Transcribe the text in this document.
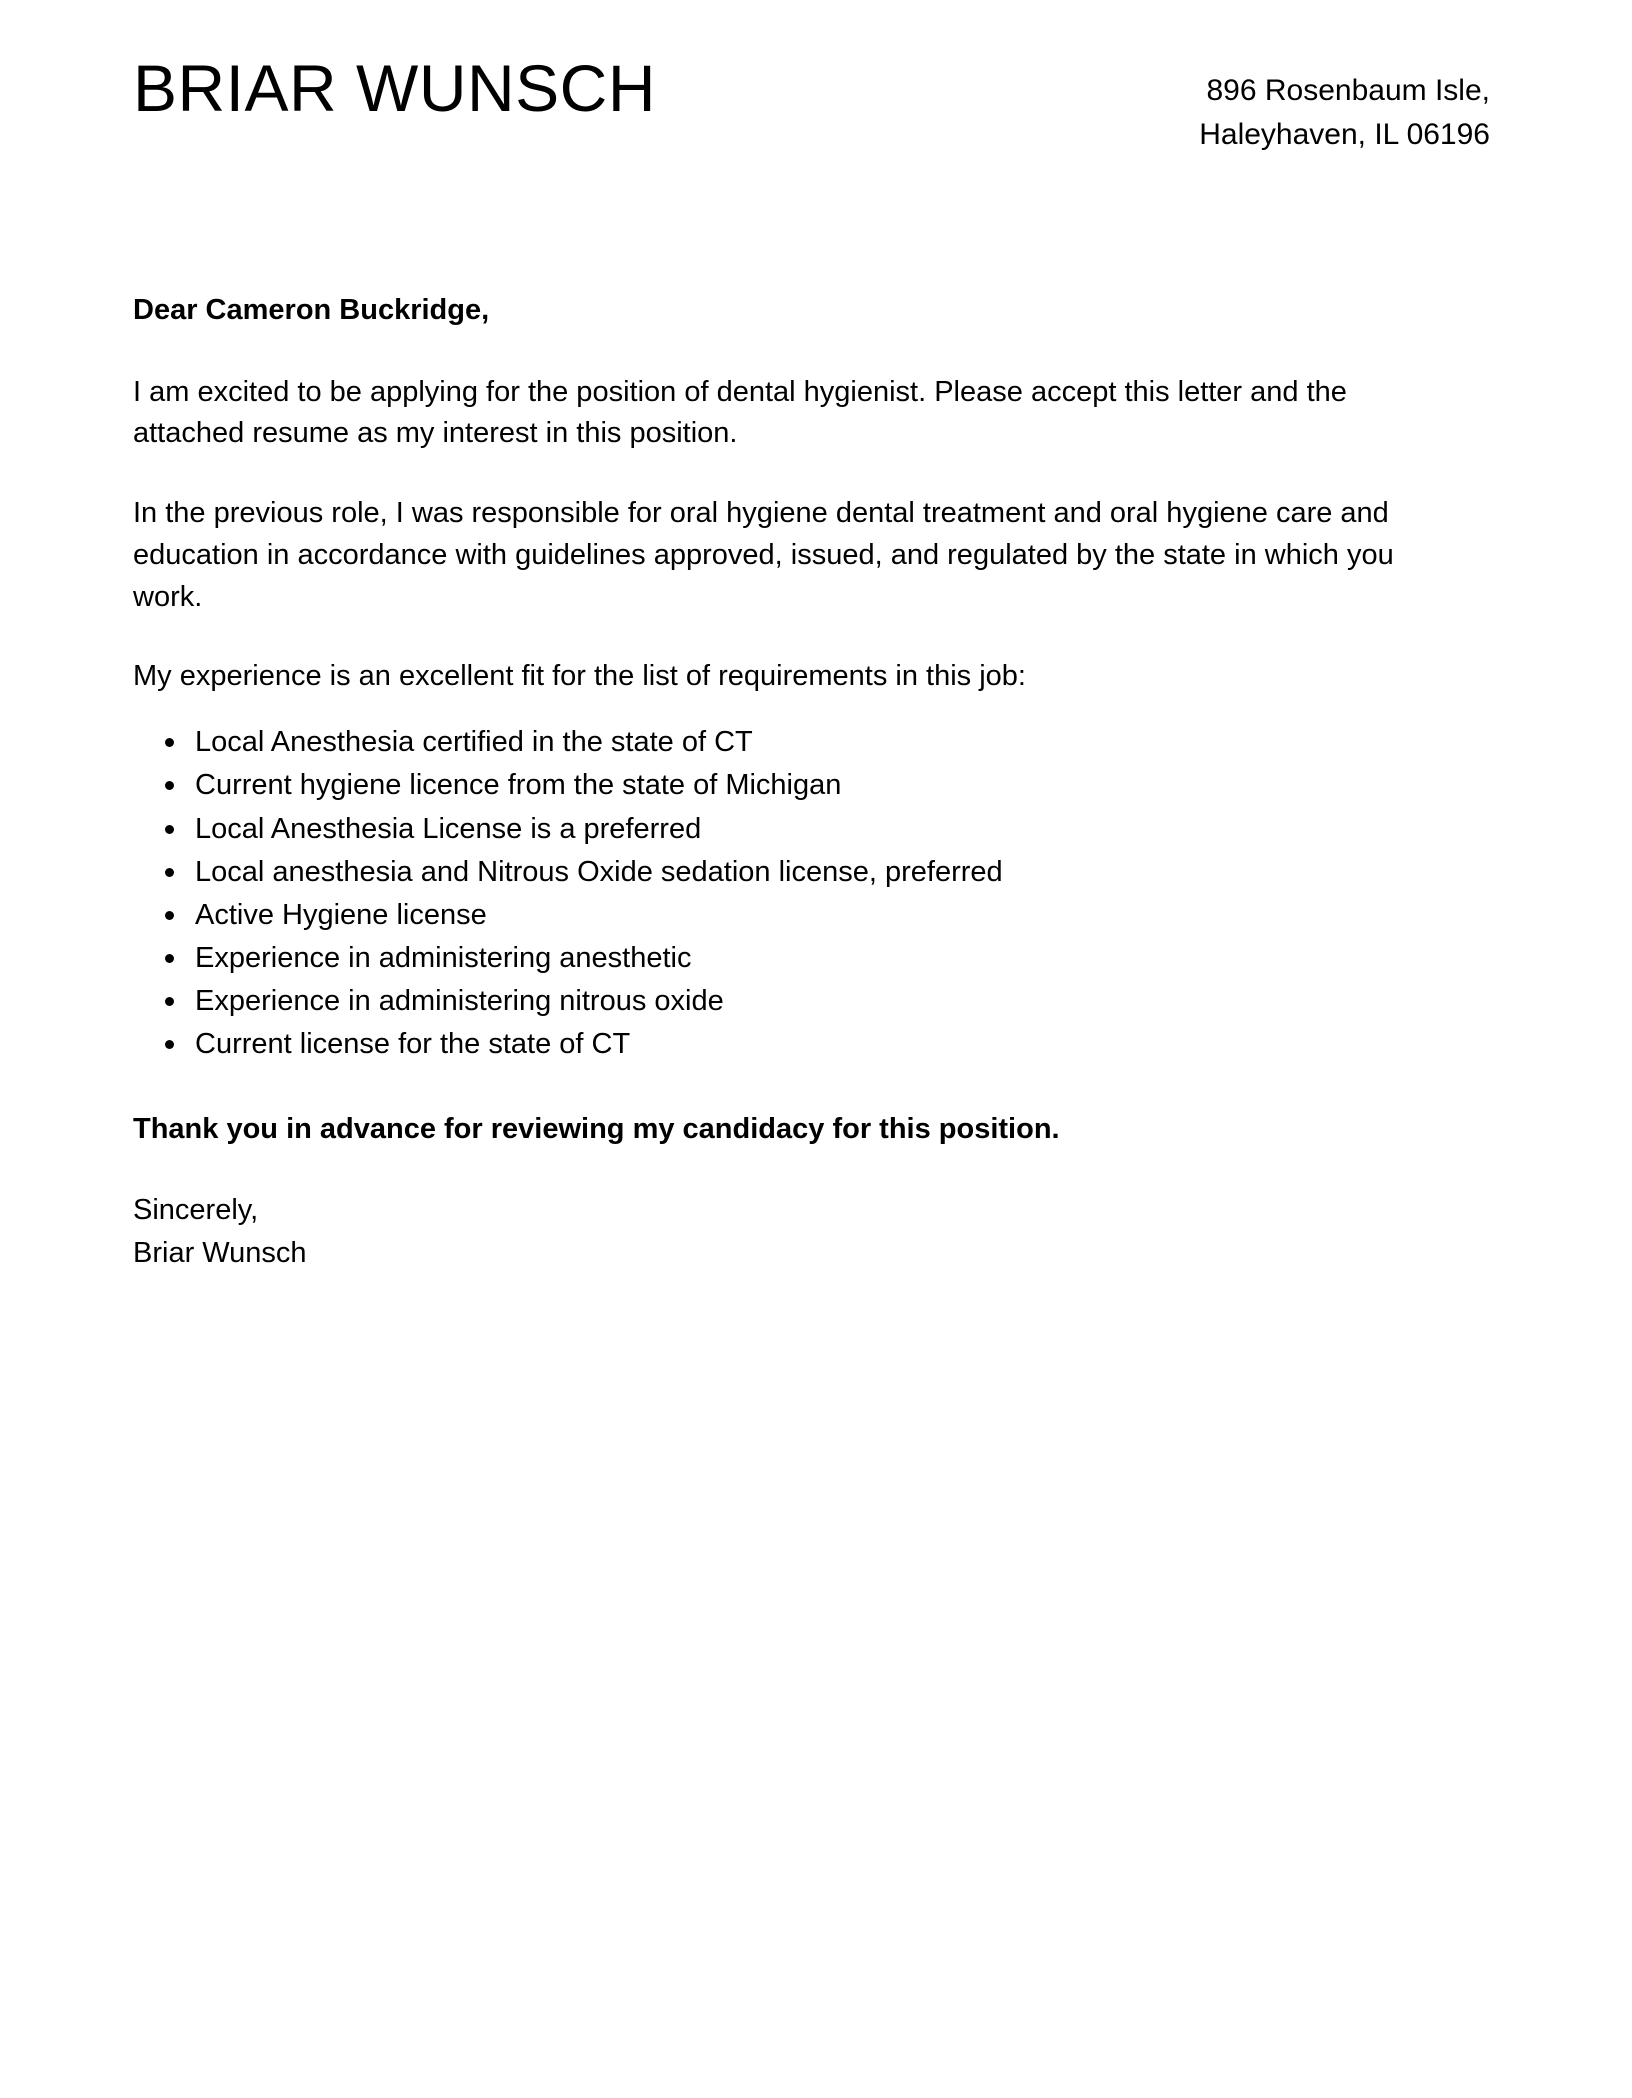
BRIAR WUNSCH	896 Rosenbaum Isle,
Haleyhaven, IL 06196

Dear Cameron Buckridge,

I am excited to be applying for the position of dental hygienist. Please accept this letter and the attached resume as my interest in this position.

In the previous role, I was responsible for oral hygiene dental treatment and oral hygiene care and education in accordance with guidelines approved, issued, and regulated by the state in which you work.

My experience is an excellent fit for the list of requirements in this job:

Local Anesthesia certified in the state of CT
Current hygiene licence from the state of Michigan
Local Anesthesia License is a preferred
Local anesthesia and Nitrous Oxide sedation license, preferred
Active Hygiene license
Experience in administering anesthetic
Experience in administering nitrous oxide
Current license for the state of CT

Thank you in advance for reviewing my candidacy for this position.

Sincerely,
Briar Wunsch
